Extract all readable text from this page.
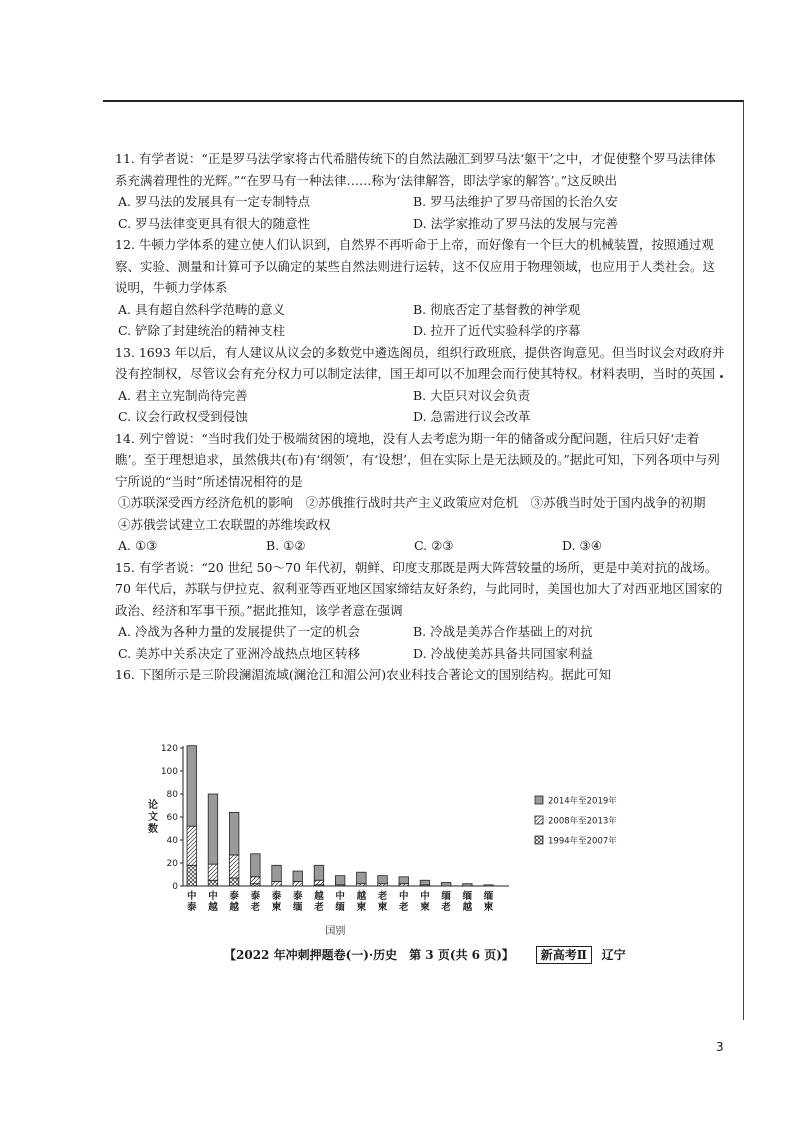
11. 有学者说：“正是罗马法学家将古代希腊传统下的自然法融汇到罗马法‘躯干’之中，才促使整个罗马法律体系充满着理性的光辉。”“在罗马有一种法律……称为‘法律解答，即法学家的解答’。”这反映出

A. 罗马法的发展具有一定专制特点	B. 罗马法维护了罗马帝国的长治久安
C. 罗马法律变更具有很大的随意性	D. 法学家推动了罗马法的发展与完善

12. 牛顿力学体系的建立使人们认识到，自然界不再听命于上帝，而好像有一个巨大的机械装置，按照通过观察、实验、测量和计算可予以确定的某些自然法则进行运转，这不仅应用于物理领域，也应用于人类社会。这说明，牛顿力学体系

A. 具有超自然科学范畴的意义	B. 彻底否定了基督教的神学观
C. 铲除了封建统治的精神支柱	D. 拉开了近代实验科学的序幕

13. 1693 年以后，有人建议从议会的多数党中遴选阁员，组织行政班底，提供咨询意见。但当时议会对政府并没有控制权，尽管议会有充分权力可以制定法律，国王却可以不加理会而行使其特权。材料表明，当时的英国

A. 君主立宪制尚待完善	B. 大臣只对议会负责
C. 议会行政权受到侵蚀	D. 急需进行议会改革

14. 列宁曾说：“当时我们处于极端贫困的境地，没有人去考虑为期一年的储备或分配问题，往后只好‘走着瞧’。至于理想追求，虽然俄共(布)有‘纲领’，有‘设想’，但在实际上是无法顾及的。”据此可知，下列各项中与列宁所说的“当时”所述情况相符的是

①苏联深受西方经济危机的影响　②苏俄推行战时共产主义政策应对危机　③苏俄当时处于国内战争的初期　④苏俄尝试建立工农联盟的苏维埃政权

A. ①③	B. ①②	C. ②③	D. ③④

15. 有学者说：“20 世纪 50～70 年代初，朝鲜、印度支那既是两大阵营较量的场所，更是中美对抗的战场。70 年代后，苏联与伊拉克、叙利亚等西亚地区国家缔结友好条约，与此同时，美国也加大了对西亚地区国家的政治、经济和军事干预。”据此推知，该学者意在强调

A. 冷战为各种力量的发展提供了一定的机会	B. 冷战是美苏合作基础上的对抗
C. 美苏中关系决定了亚洲冷战热点地区转移	D. 冷战使美苏具备共同国家利益

16. 下图所示是三阶段澜湄流域(澜沧江和湄公河)农业科技合著论文的国别结构。据此可知

0
20
40
60
80
100
120
论
文
数
国别
中
泰
中
越
泰
越
泰
老
泰
柬
泰
缅
越
老
中
缅
越
柬
老
柬
中
老
中
柬
缅
老
缅
越
缅
柬
2014年至2019年
2008年至2013年
1994年至2007年
【2022 年冲刺押题卷(一)·历史　第 3 页(共 6 页)】 新高考Ⅱ 辽宁
3
